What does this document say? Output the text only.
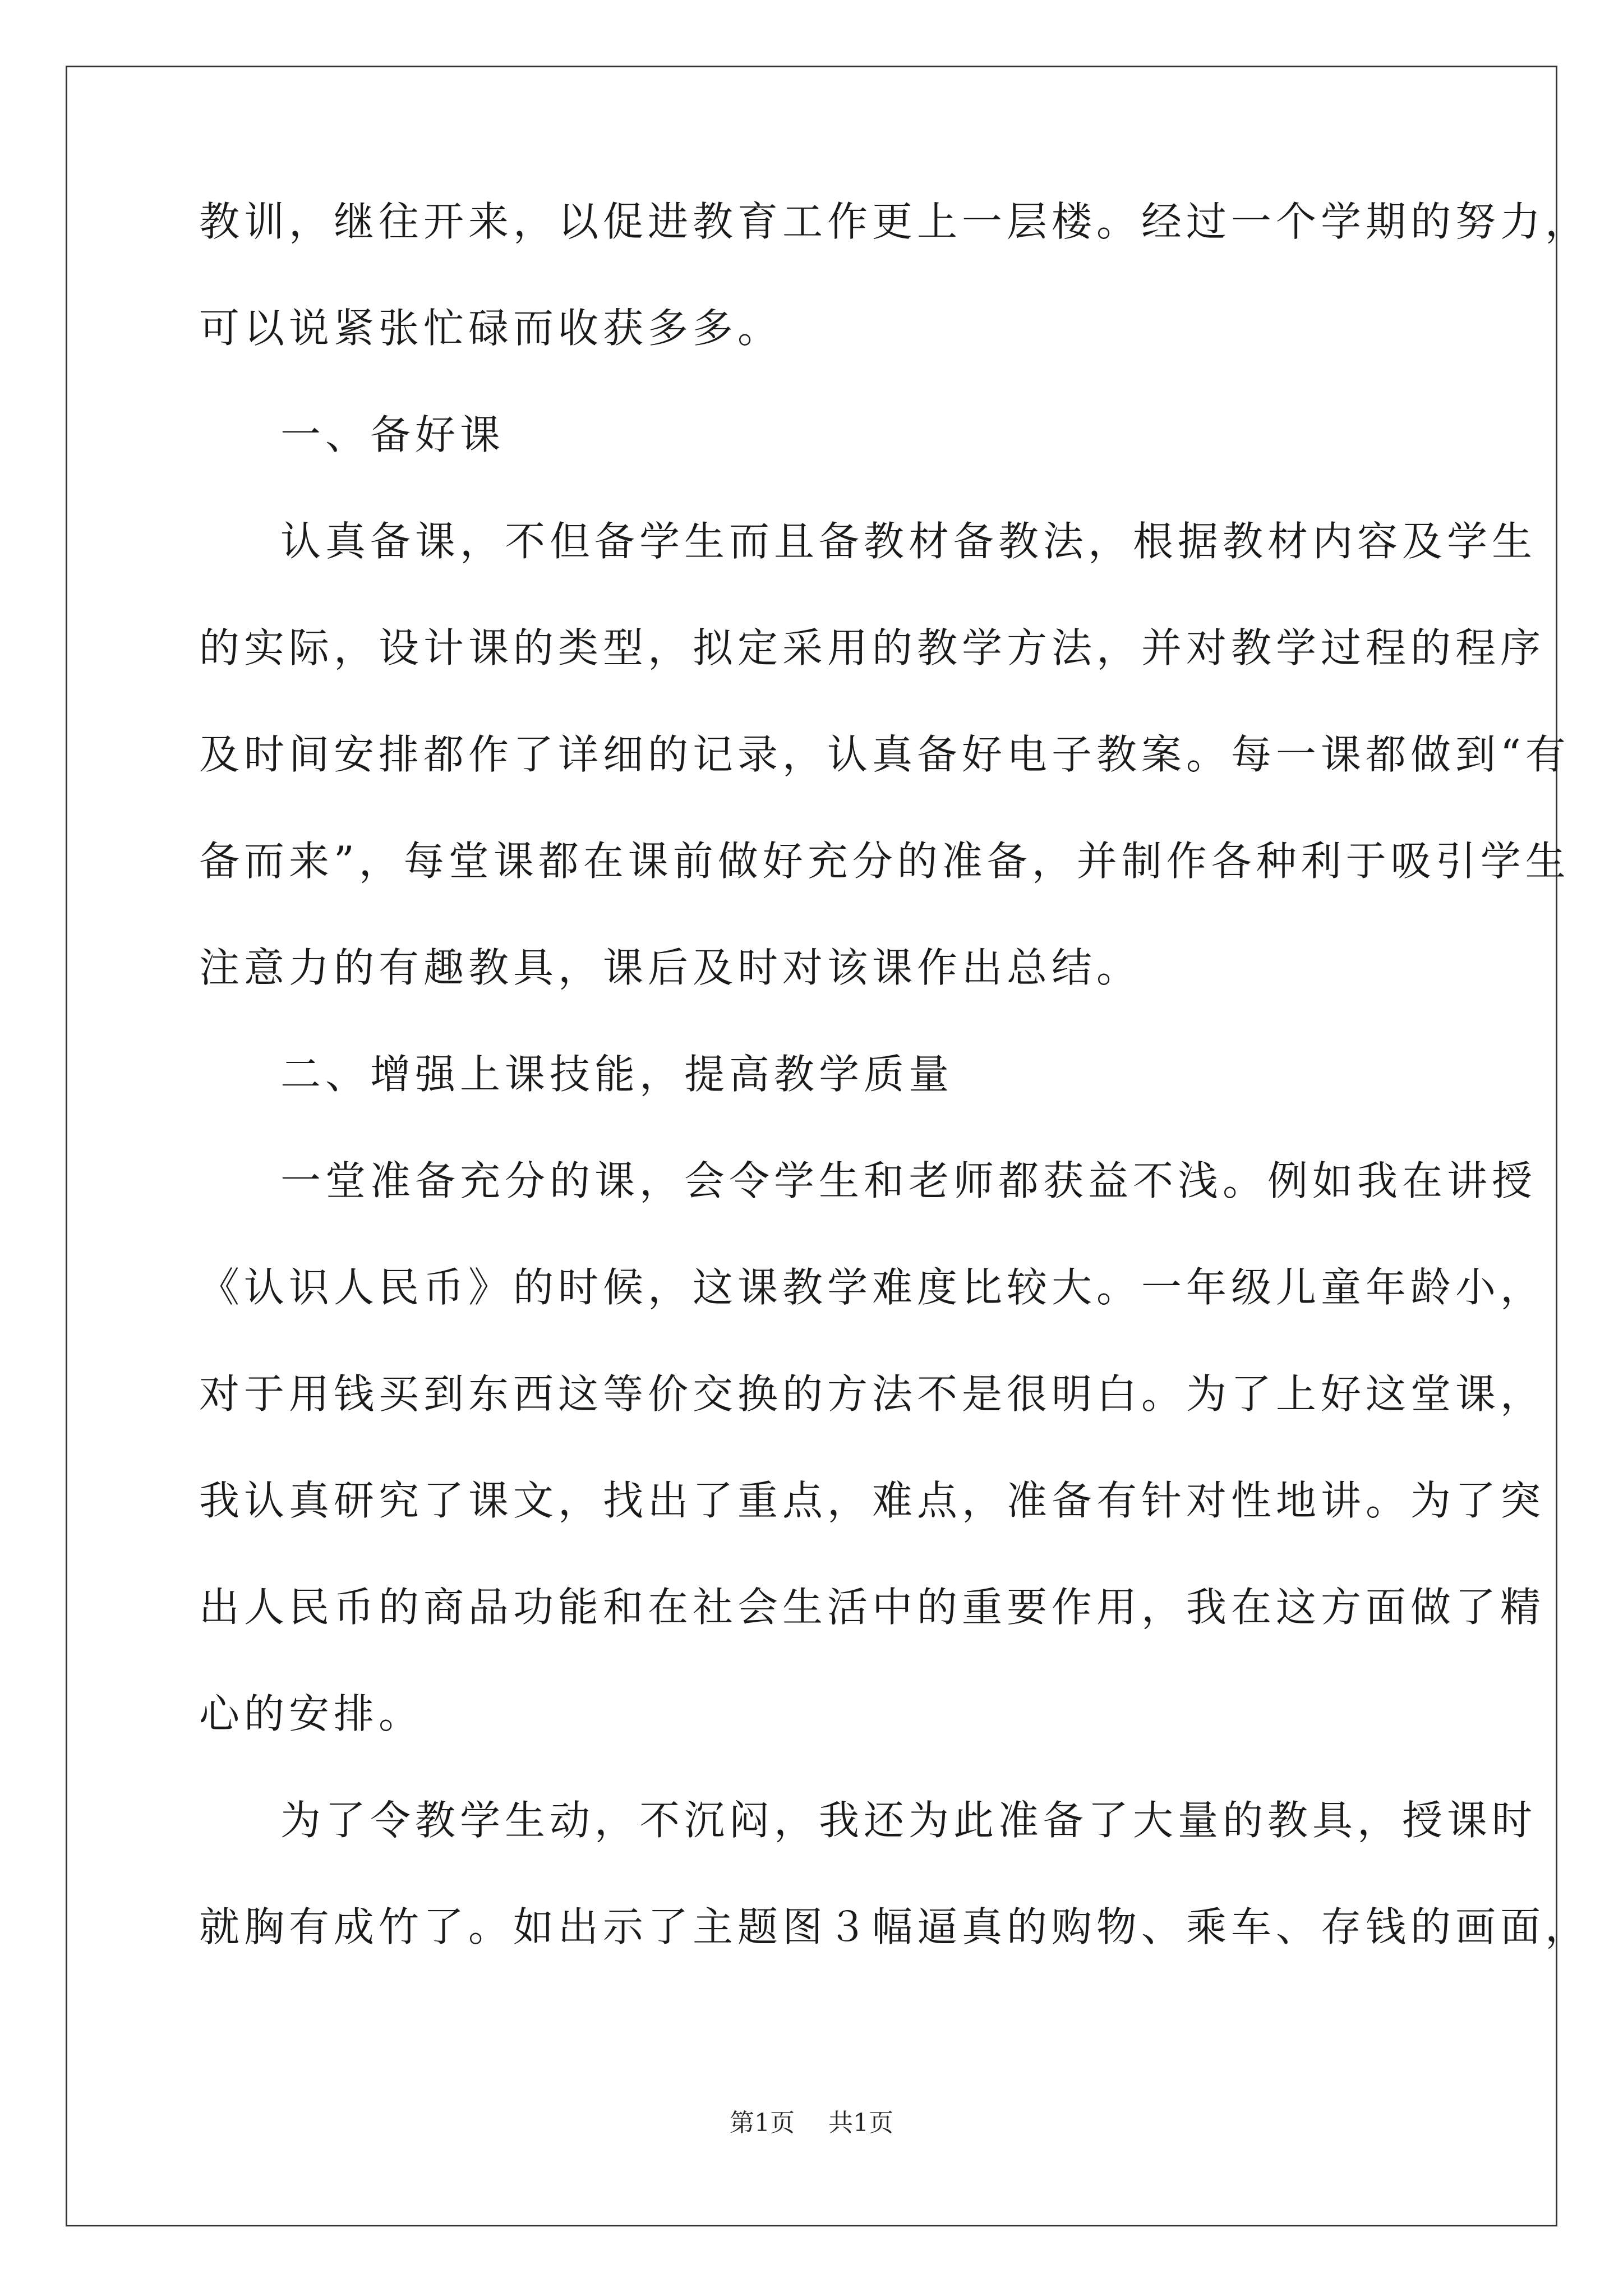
教训，继往开来，以促进教育工作更上一层楼。经过一个学期的努力，
可以说紧张忙碌而收获多多。
一、备好课
认真备课，不但备学生而且备教材备教法，根据教材内容及学生
的实际，设计课的类型，拟定采用的教学方法，并对教学过程的程序
及时间安排都作了详细的记录，认真备好电子教案。每一课都做到“有
备而来”，每堂课都在课前做好充分的准备，并制作各种利于吸引学生
注意力的有趣教具，课后及时对该课作出总结。
二、增强上课技能，提高教学质量
一堂准备充分的课，会令学生和老师都获益不浅。例如我在讲授
《认识人民币》的时候，这课教学难度比较大。一年级儿童年龄小，
对于用钱买到东西这等价交换的方法不是很明白。为了上好这堂课，
我认真研究了课文，找出了重点，难点，准备有针对性地讲。为了突
出人民币的商品功能和在社会生活中的重要作用，我在这方面做了精
心的安排。
为了令教学生动，不沉闷，我还为此准备了大量的教具，授课时
就胸有成竹了。如出示了主题图３幅逼真的购物、乘车、存钱的画面，
第1页 共1页
